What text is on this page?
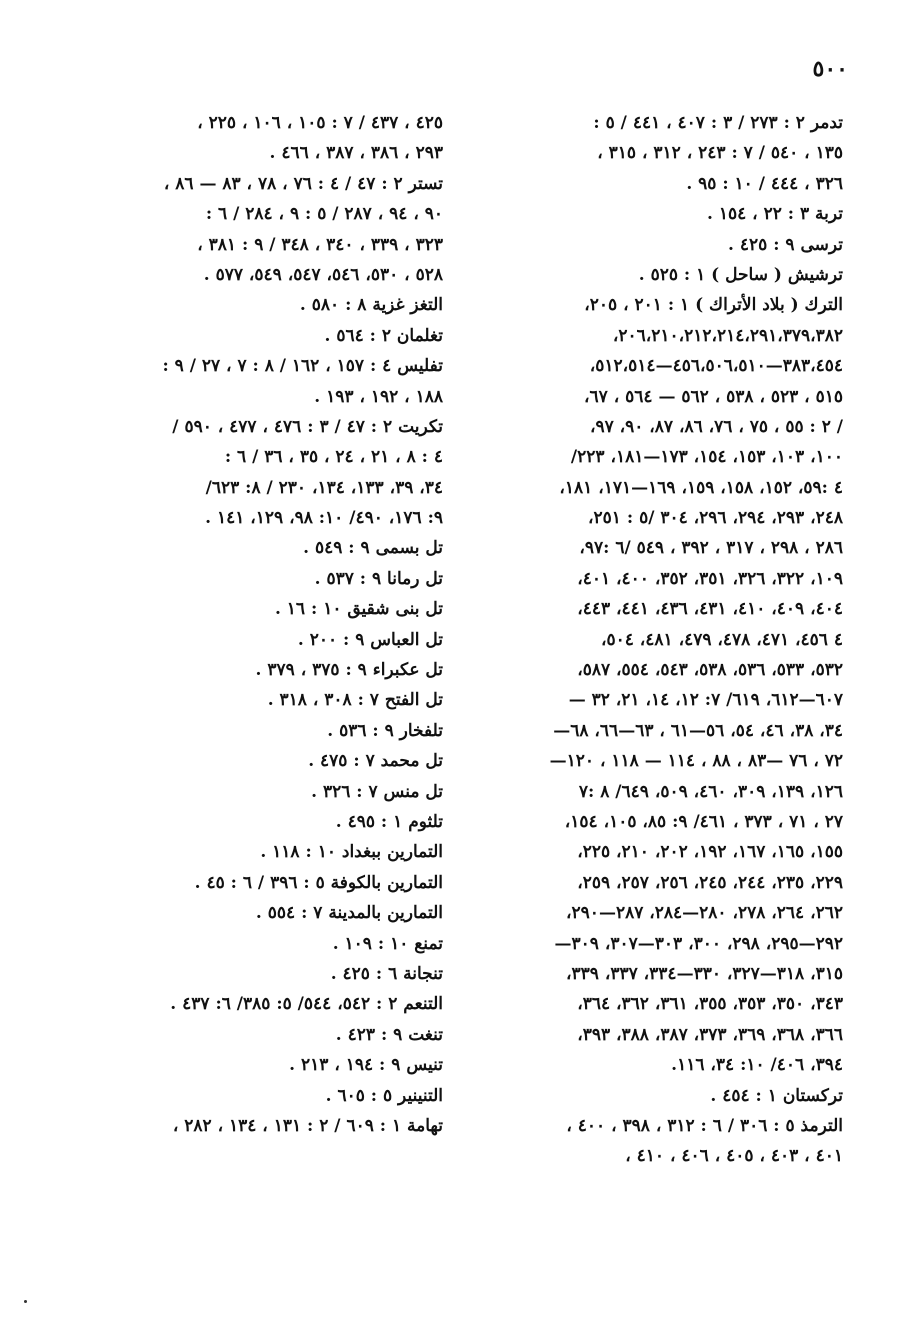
٥٠٠
تدمر ٢ : ٢٧٣ / ٣ : ٤٠٧ ، ٤٤١ / ٥ :
١٣٥ ، ٥٤٠ / ٧ : ٢٤٣ ، ٣١٢ ، ٣١٥ ،
٣٢٦ ، ٤٤٤ / ١٠ : ٩٥ .
تربة ٣ : ٢٢ ، ١٥٤ .
ترسى ٩ : ٤٢٥ .
ترشيش ( ساحل ) ١ : ٥٢٥ .
الترك ( بلاد الأتراك ) ١ : ٢٠١ ، ٢٠٥،
٢٠٦،٢١٠،٢١٢،٢١٤،٢٩١،٣٧٩،٣٨٢،
٣٨٣،٤٥٤—٤٥٦،٥٠٦،٥١٠—٥١٢،٥١٤،
٥١٥ ، ٥٢٣ ، ٥٣٨ ، ٥٦٢ — ٥٦٤ ، ٦٧،
/ ٢ : ٥٥ ، ٧٥ ، ٧٦، ٨٦، ٨٧، ٩٠، ٩٧،
١٠٠، ١٠٣، ١٥٣، ١٥٤، ١٧٣—١٨١، ٢٢٣/
٤ :٥٩، ١٥٢، ١٥٨، ١٥٩، ١٦٩—١٧١، ١٨١،
٢٤٨، ٢٩٣، ٢٩٤، ٢٩٦، ٣٠٤ /٥ : ٢٥١،
٢٨٦ ، ٢٩٨ ، ٣١٧ ، ٣٩٢ ، ٥٤٩ /٦ :٩٧،
١٠٩، ٣٢٢، ٣٢٦، ٣٥١، ٣٥٢، ٤٠٠، ٤٠١،
٤٠٤، ٤٠٩، ٤١٠، ٤٣١، ٤٣٦، ٤٤١، ٤٤٣،
٤ ٤٥٦، ٤٧١، ٤٧٨، ٤٧٩، ٤٨١، ٥٠٤،
٥٣٢، ٥٣٣، ٥٣٦، ٥٣٨، ٥٤٣، ٥٥٤، ٥٨٧،
٦٠٧—٦١٢، ٦١٩/ ٧: ١٢، ١٤، ٢١، ٣٢ —
٣٤، ٣٨، ٤٦، ٥٤، ٥٦—٦١ ، ٦٣—٦٦، ٦٨—
٧٢ ، ٧٦ —٨٣ ، ٨٨ ، ١١٤ — ١١٨ ، ١٢٠—
١٢٦، ١٣٩، ٣٠٩، ٤٦٠، ٥٠٩، ٦٤٩/ ٨ :٧
٢٧ ، ٧١ ، ٣٧٣ ، ٤٦١/ ٩: ٨٥، ١٠٥، ١٥٤،
١٥٥، ١٦٥، ١٦٧، ١٩٢، ٢٠٢، ٢١٠، ٢٢٥،
٢٢٩، ٢٣٥، ٢٤٤، ٢٤٥، ٢٥٦، ٢٥٧، ٢٥٩،
٢٦٢، ٢٦٤، ٢٧٨، ٢٨٠—٢٨٤، ٢٨٧—٢٩٠،
٢٩٢—٢٩٥، ٢٩٨، ٣٠٠، ٣٠٣—٣٠٧، ٣٠٩—
٣١٥، ٣١٨—٣٢٧، ٣٣٠—٣٣٤، ٣٣٧، ٣٣٩،
٣٤٣، ٣٥٠، ٣٥٣، ٣٥٥، ٣٦١، ٣٦٢، ٣٦٤،
٣٦٦، ٣٦٨، ٣٦٩، ٣٧٣، ٣٨٧، ٣٨٨، ٣٩٣،
٣٩٤، ٤٠٦/ ١٠: ٣٤، ١١٦.
تركستان ١ : ٤٥٤ .
الترمذ ٥ : ٣٠٦ / ٦ : ٣١٢ ، ٣٩٨ ، ٤٠٠ ،
٤٠١ ، ٤٠٣ ، ٤٠٥ ، ٤٠٦ ، ٤١٠ ،
٤٢٥ ، ٤٣٧ / ٧ : ١٠٥ ، ١٠٦ ، ٢٢٥ ،
٢٩٣ ، ٣٨٦ ، ٣٨٧ ، ٤٦٦ .
تستر ٢ : ٤٧ / ٤ : ٧٦ ، ٧٨ ، ٨٣ — ٨٦ ،
٩٠ ، ٩٤ ، ٢٨٧ / ٥ : ٩ ، ٢٨٤ / ٦ :
٣٢٣ ، ٣٣٩ ، ٣٤٠ ، ٣٤٨ / ٩ : ٣٨١ ،
٥٢٨ ، ٥٣٠، ٥٤٦، ٥٤٧، ٥٤٩، ٥٧٧ .
التغز غزية ٨ : ٥٨٠ .
تغلمان ٢ : ٥٦٤ .
تفليس ٤ : ١٥٧ ، ١٦٢ / ٨ : ٧ ، ٢٧ / ٩ :
١٨٨ ، ١٩٢ ، ١٩٣ .
تكريت ٢ : ٤٧ / ٣ : ٤٧٦ ، ٤٧٧ ، ٥٩٠ /
٤ : ٨ ، ٢١ ، ٢٤ ، ٣٥ ، ٣٦ / ٦ :
٣٤، ٣٩، ١٣٣، ١٣٤، ٢٣٠ / ٨: ٦٢٣/
٩: ١٧٦، ٤٩٠/ ١٠: ٩٨، ١٢٩، ١٤١ .
تل بسمى ٩ : ٥٤٩ .
تل رمانا ٩ : ٥٣٧ .
تل بنى شقيق ١٠ : ١٦ .
تل العباس ٩ : ٢٠٠ .
تل عكبراء ٩ : ٣٧٥ ، ٣٧٩ .
تل الفتح ٧ : ٣٠٨ ، ٣١٨ .
تلفخار ٩ : ٥٣٦ .
تل محمد ٧ : ٤٧٥ .
تل منس ٧ : ٣٢٦ .
تلثوم ١ : ٤٩٥ .
التمارين ببغداد ١٠ : ١١٨ .
التمارين بالكوفة ٥ : ٣٩٦ / ٦ : ٤٥ .
التمارين بالمدينة ٧ : ٥٥٤ .
تمنع ١٠ : ١٠٩ .
تنجانة ٦ : ٤٢٥ .
التنعم ٢ : ٥٤٢، ٥٤٤/ ٥: ٣٨٥/ ٦: ٤٣٧ .
تنغت ٩ : ٤٢٣ .
تنيس ٩ : ١٩٤ ، ٢١٣ .
التنينير ٥ : ٦٠٥ .
تهامة ١ : ٦٠٩ / ٢ : ١٣١ ، ١٣٤ ، ٢٨٢ ،
